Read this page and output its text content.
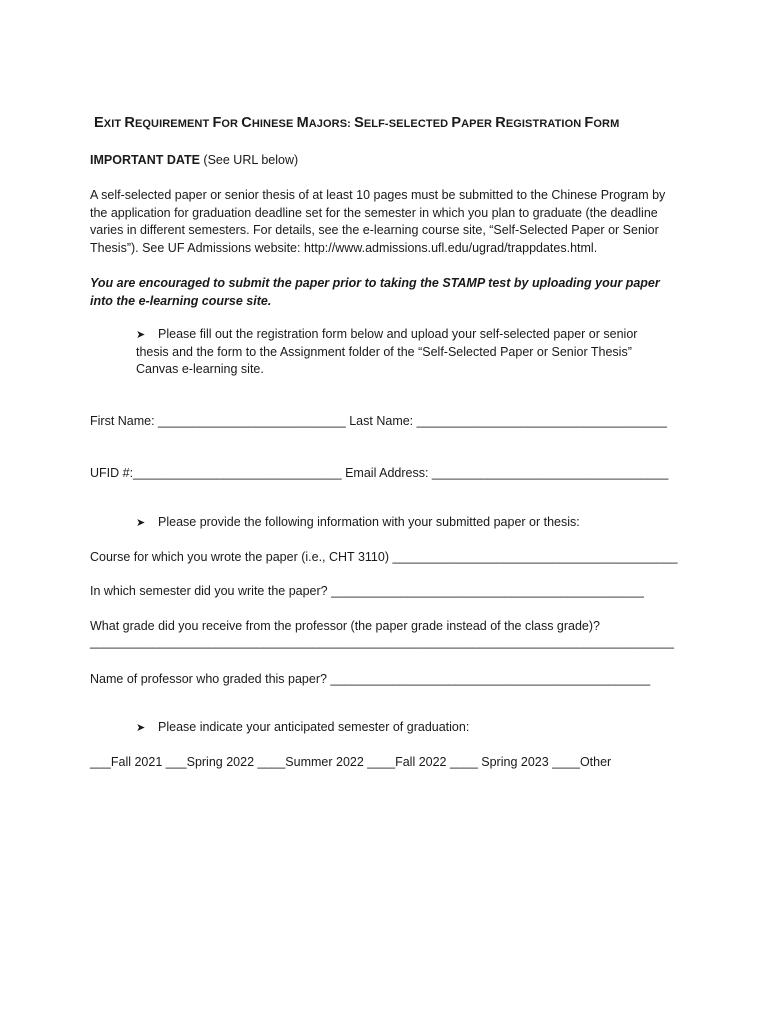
EXIT REQUIREMENT FOR CHINESE MAJORS: SELF-SELECTED PAPER REGISTRATION FORM
IMPORTANT DATE (See URL below)
A self-selected paper or senior thesis of at least 10 pages must be submitted to the Chinese Program by
the application for graduation deadline set for the semester in which you plan to graduate (the deadline
varies in different semesters. For details, see the e-learning course site, “Self-Selected Paper or Senior
Thesis”). See UF Admissions website: http://www.admissions.ufl.edu/ugrad/trappdates.html.
You are encouraged to submit the paper prior to taking the STAMP test by uploading your paper
into the e-learning course site.
➤ Please fill out the registration form below and upload your self-selected paper or senior
thesis and the form to the Assignment folder of the “Self-Selected Paper or Senior Thesis”
Canvas e-learning site.
First Name: ___________________________ Last Name: ____________________________________
UFID #:______________________________ Email Address: __________________________________
➤ Please provide the following information with your submitted paper or thesis:
Course for which you wrote the paper (i.e., CHT 3110) _________________________________________
In which semester did you write the paper? _____________________________________________
What grade did you receive from the professor (the paper grade instead of the class grade)?
____________________________________________________________________________________
Name of professor who graded this paper? ______________________________________________
➤ Please indicate your anticipated semester of graduation:
___Fall 2021 ___Spring 2022 ____Summer 2022 ____Fall 2022 ____ Spring 2023 ____Other
